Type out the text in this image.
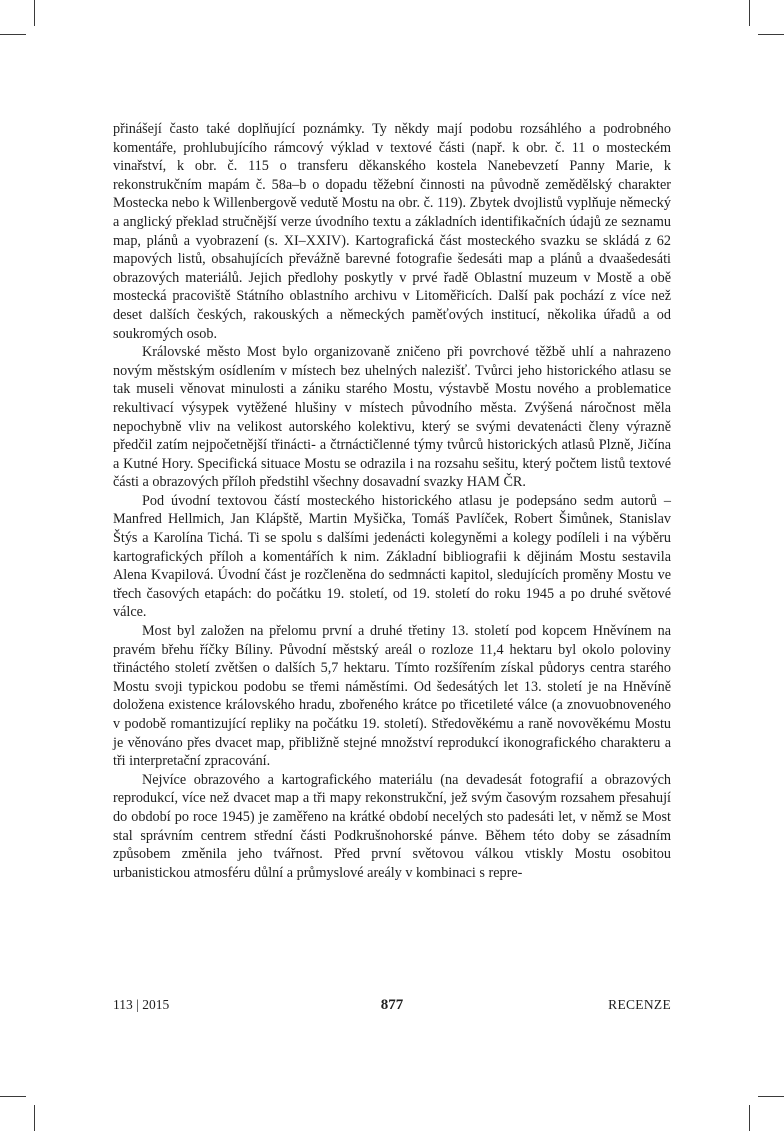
přinášejí často také doplňující poznámky. Ty někdy mají podobu rozsáhlého a podrobného komentáře, prohlubujícího rámcový výklad v textové části (např. k obr. č. 11 o mosteckém vinařství, k obr. č. 115 o transferu děkanského kostela Nanebevzetí Panny Marie, k rekonstrukčním mapám č. 58a–b o dopadu těžební činnosti na původně zemědělský charakter Mostecka nebo k Willenbergově vedutě Mostu na obr. č. 119). Zbytek dvojlistů vyplňuje německý a anglický překlad stručnější verze úvodního textu a základních identifikačních údajů ze seznamu map, plánů a vyobrazení (s. XI–XXIV). Kartografická část mosteckého svazku se skládá z 62 mapových listů, obsahujících převážně barevné fotografie šedesáti map a plánů a dvaašedesáti obrazových materiálů. Jejich předlohy poskytly v prvé řadě Oblastní muzeum v Mostě a obě mostecká pracoviště Státního oblastního archivu v Litoměřicích. Další pak pochází z více než deset dalších českých, rakouských a německých paměťových institucí, několika úřadů a od soukromých osob.

Královské město Most bylo organizovaně zničeno při povrchové těžbě uhlí a nahrazeno novým městským osídlením v místech bez uhelných nalezišť. Tvůrci jeho historického atlasu se tak museli věnovat minulosti a zániku starého Mostu, výstavbě Mostu nového a problematice rekultivací výsypek vytěžené hlušiny v místech původního města. Zvýšená náročnost měla nepochybně vliv na velikost autorského kolektivu, který se svými devatenácti členy výrazně předčil zatím nejpočetnější třinácti- a čtrnáctičlenné týmy tvůrců historických atlasů Plzně, Jičína a Kutné Hory. Specifická situace Mostu se odrazila i na rozsahu sešitu, který počtem listů textové části a obrazových příloh předstihl všechny dosavadní svazky HAM ČR.

Pod úvodní textovou částí mosteckého historického atlasu je podepsáno sedm autorů – Manfred Hellmich, Jan Klápště, Martin Myšička, Tomáš Pavlíček, Robert Šimůnek, Stanislav Štýs a Karolína Tichá. Ti se spolu s dalšími jedenácti kolegyněmi a kolegy podíleli i na výběru kartografických příloh a komentářích k nim. Základní bibliografii k dějinám Mostu sestavila Alena Kvapilová. Úvodní část je rozčleněna do sedmnácti kapitol, sledujících proměny Mostu ve třech časových etapách: do počátku 19. století, od 19. století do roku 1945 a po druhé světové válce.

Most byl založen na přelomu první a druhé třetiny 13. století pod kopcem Hněvínem na pravém břehu říčky Bíliny. Původní městský areál o rozloze 11,4 hektaru byl okolo poloviny třináctého století zvětšen o dalších 5,7 hektaru. Tímto rozšířením získal půdorys centra starého Mostu svoji typickou podobu se třemi náměstími. Od šedesátých let 13. století je na Hněvíně doložena existence královského hradu, zbořeného krátce po třicetileté válce (a znovuobnoveného v podobě romantizující repliky na počátku 19. století). Středověkému a raně novověkému Mostu je věnováno přes dvacet map, přibližně stejné množství reprodukcí ikonografického charakteru a tři interpretační zpracování.

Nejvíce obrazového a kartografického materiálu (na devadesát fotografií a obrazových reprodukcí, více než dvacet map a tři mapy rekonstrukční, jež svým časovým rozsahem přesahují do období po roce 1945) je zaměřeno na krátké období necelých sto padesáti let, v němž se Most stal správním centrem střední části Podkrušnohorské pánve. Během této doby se zásadním způsobem změnila jeho tvářnost. Před první světovou válkou vtiskly Mostu osobitou urbanistickou atmosféru důlní a průmyslové areály v kombinaci s repre-

113 | 2015	877	RECENZE
